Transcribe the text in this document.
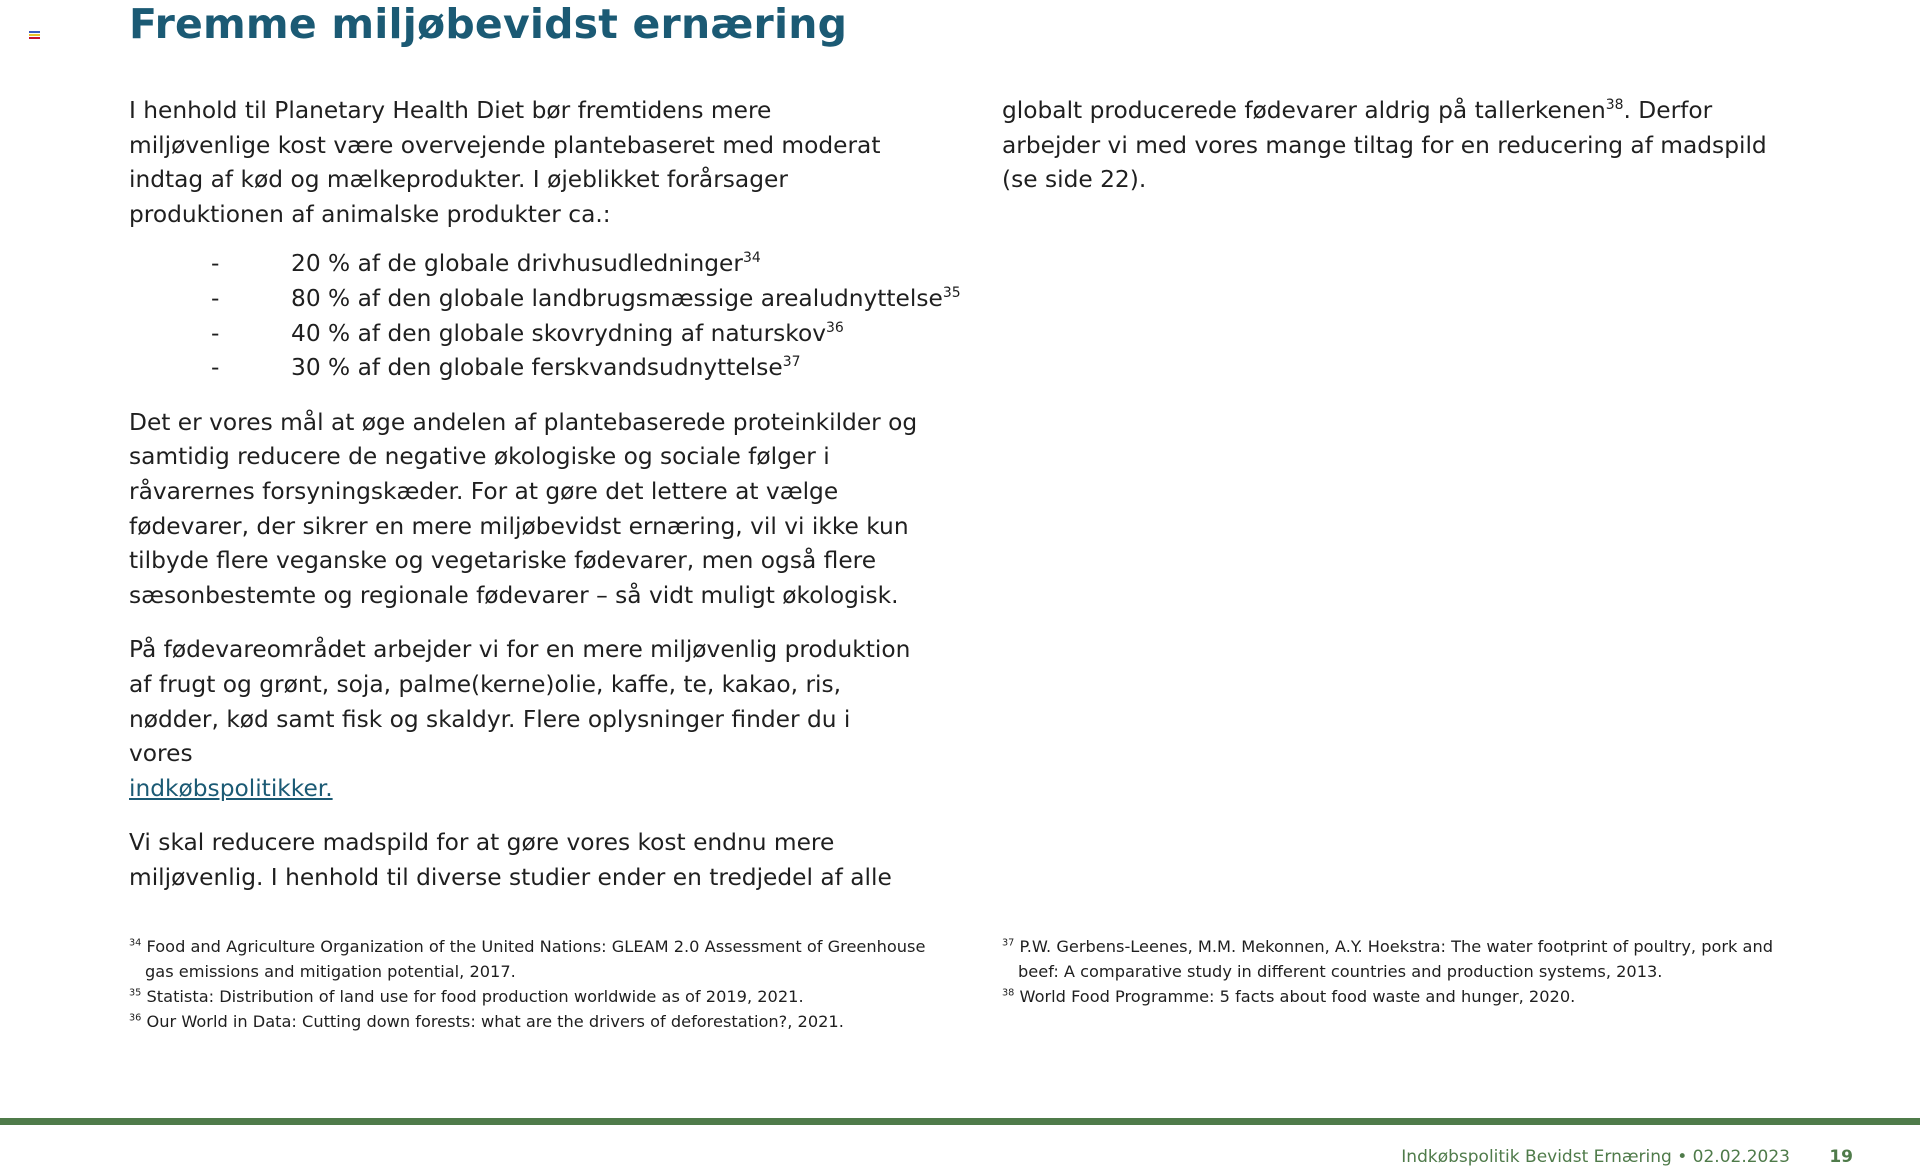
Fremme miljøbevidst ernæring

I henhold til Planetary Health Diet bør fremtidens mere miljøvenlige kost være overvejende plantebaseret med moderat indtag af kød og mælkeprodukter. I øjeblikket forårsager produktionen af animalske produkter ca.:

-	20 % af de globale drivhusudledninger$^{34}$
-	80 % af den globale landbrugsmæssige arealudnyttelse$^{35}$
-	40 % af den globale skovrydning af naturskov$^{36}$
-	30 % af den globale ferskvandsudnyttelse$^{37}$

Det er vores mål at øge andelen af plantebaserede proteinkilder og samtidig reducere de negative økologiske og sociale følger i råvarernes forsyningskæder. For at gøre det lettere at vælge fødevarer, der sikrer en mere miljøbevidst ernæring, vil vi ikke kun tilbyde flere veganske og vegetariske fødevarer, men også flere sæsonbestemte og regionale fødevarer – så vidt muligt økologisk.

På fødevareområdet arbejder vi for en mere miljøvenlig produktion af frugt og grønt, soja, palme(kerne)olie, kaffe, te, kakao, ris, nødder, kød samt fisk og skaldyr. Flere oplysninger finder du i vores
indkøbspolitikker.

Vi skal reducere madspild for at gøre vores kost endnu mere miljøvenlig. I henhold til diverse studier ender en tredjedel af alle

globalt producerede fødevarer aldrig på tallerkenen$^{38}$. Derfor arbejder vi med vores mange tiltag for en reducering af madspild (se side 22).

$^{34}$ Food and Agriculture Organization of the United Nations: GLEAM 2.0 Assessment of Greenhouse gas emissions and mitigation potential, 2017.
$^{35}$ Statista: Distribution of land use for food production worldwide as of 2019, 2021.
$^{36}$ Our World in Data: Cutting down forests: what are the drivers of deforestation?, 2021.
$^{37}$ P.W. Gerbens-Leenes, M.M. Mekonnen, A.Y. Hoekstra: The water footprint of poultry, pork and beef: A comparative study in different countries and production systems, 2013.
$^{38}$ World Food Programme: 5 facts about food waste and hunger, 2020.
Indkøbspolitik Bevidst Ernæring • 02.02.2023 19
